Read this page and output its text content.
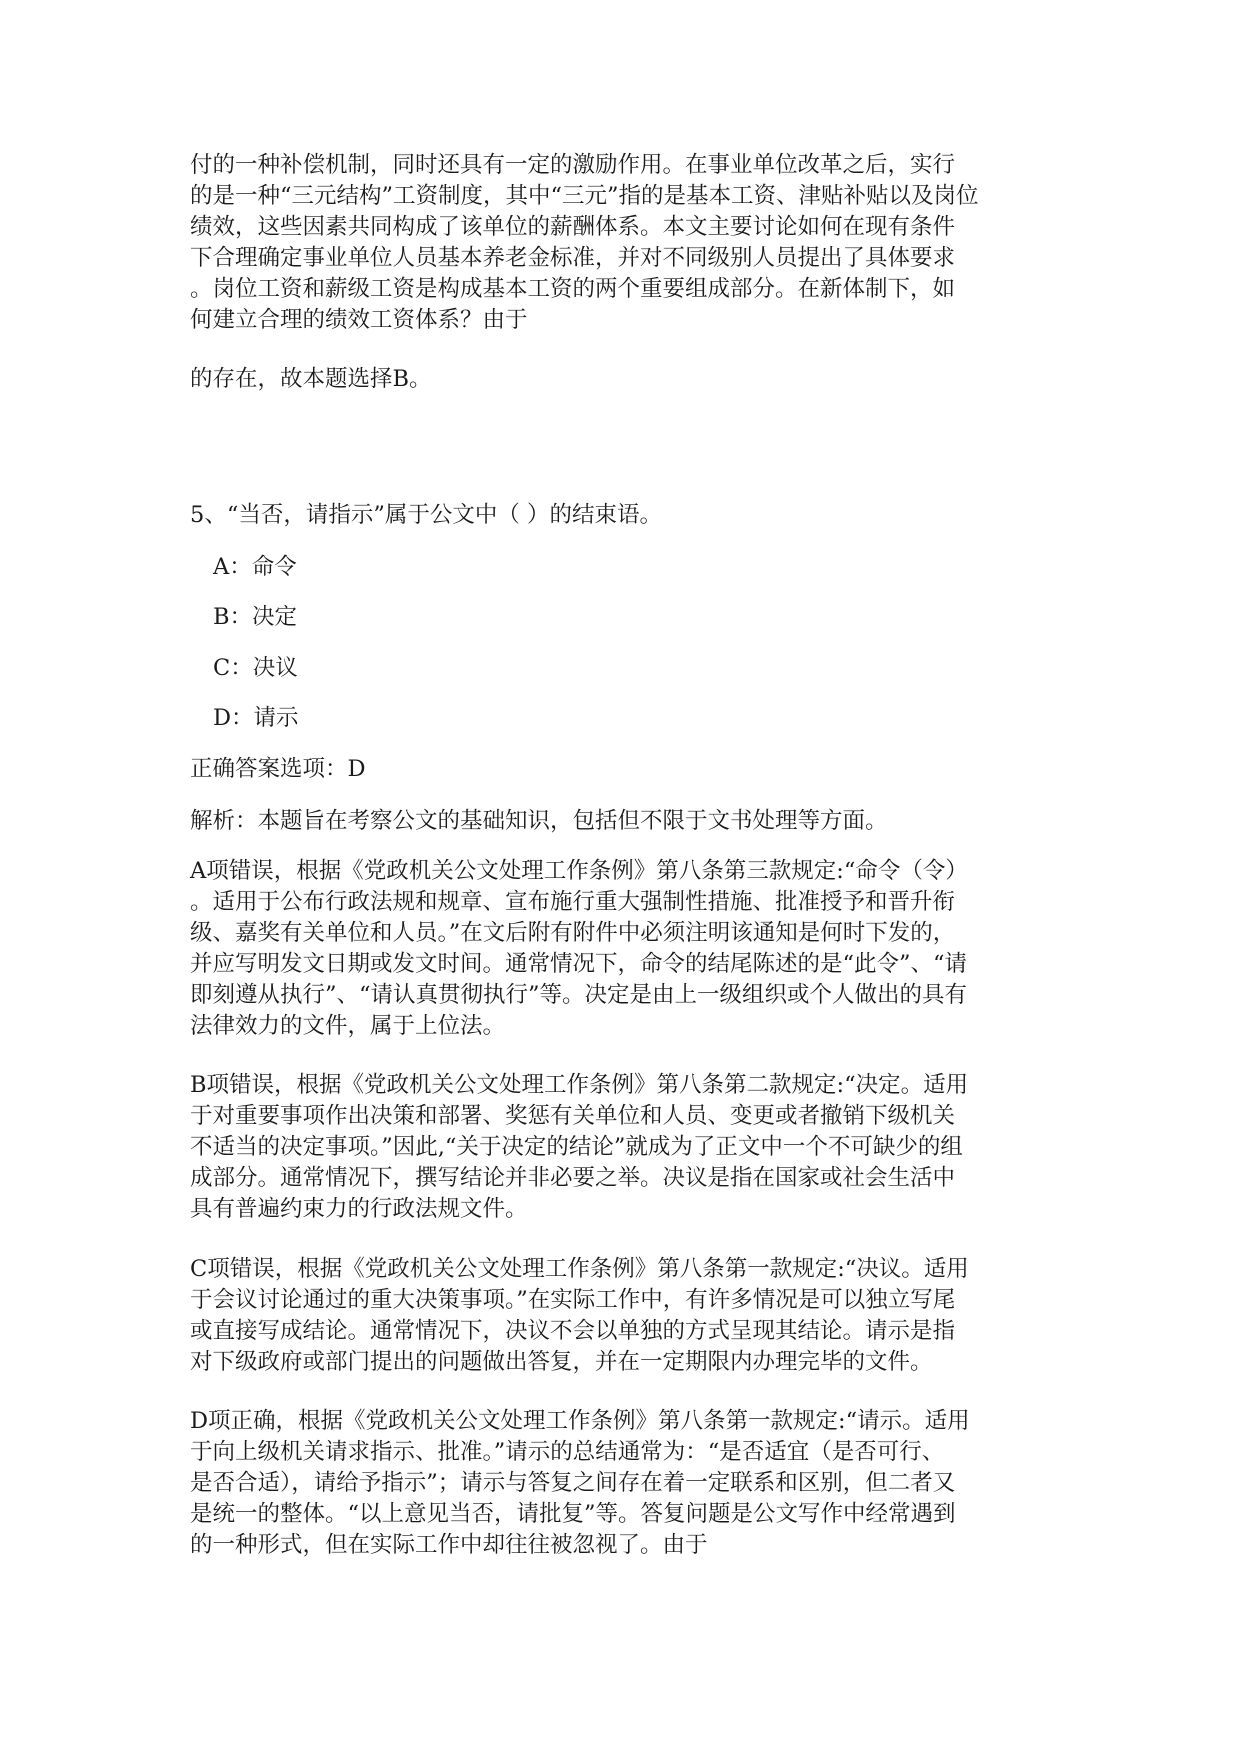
付的一种补偿机制，同时还具有一定的激励作用。在事业单位改革之后，实行
的是一种“三元结构”工资制度，其中“三元”指的是基本工资、津贴补贴以及岗位
绩效，这些因素共同构成了该单位的薪酬体系。本文主要讨论如何在现有条件
下合理确定事业单位人员基本养老金标准，并对不同级别人员提出了具体要求
。岗位工资和薪级工资是构成基本工资的两个重要组成部分。在新体制下，如
何建立合理的绩效工资体系？由于

的存在，故本题选择B。

5、“当否，请指示”属于公文中（ ）的结束语。

A：命令

B：决定

C：决议

D：请示

正确答案选项：D

解析：本题旨在考察公文的基础知识，包括但不限于文书处理等方面。

A项错误，根据《党政机关公文处理工作条例》第八条第三款规定:“命令（令）
。适用于公布行政法规和规章、宣布施行重大强制性措施、批准授予和晋升衔
级、嘉奖有关单位和人员。”在文后附有附件中必须注明该通知是何时下发的，
并应写明发文日期或发文时间。通常情况下，命令的结尾陈述的是“此令”、“请
即刻遵从执行”、“请认真贯彻执行”等。决定是由上一级组织或个人做出的具有
法律效力的文件，属于上位法。

B项错误，根据《党政机关公文处理工作条例》第八条第二款规定:“决定。适用
于对重要事项作出决策和部署、奖惩有关单位和人员、变更或者撤销下级机关
不适当的决定事项。”因此,“关于决定的结论”就成为了正文中一个不可缺少的组
成部分。通常情况下，撰写结论并非必要之举。决议是指在国家或社会生活中
具有普遍约束力的行政法规文件。

C项错误，根据《党政机关公文处理工作条例》第八条第一款规定:“决议。适用
于会议讨论通过的重大决策事项。”在实际工作中，有许多情况是可以独立写尾
或直接写成结论。通常情况下，决议不会以单独的方式呈现其结论。请示是指
对下级政府或部门提出的问题做出答复，并在一定期限内办理完毕的文件。

D项正确，根据《党政机关公文处理工作条例》第八条第一款规定:“请示。适用
于向上级机关请求指示、批准。”请示的总结通常为：“是否适宜（是否可行、
是否合适），请给予指示”；请示与答复之间存在着一定联系和区别，但二者又
是统一的整体。“以上意见当否，请批复”等。答复问题是公文写作中经常遇到
的一种形式，但在实际工作中却往往被忽视了。由于
